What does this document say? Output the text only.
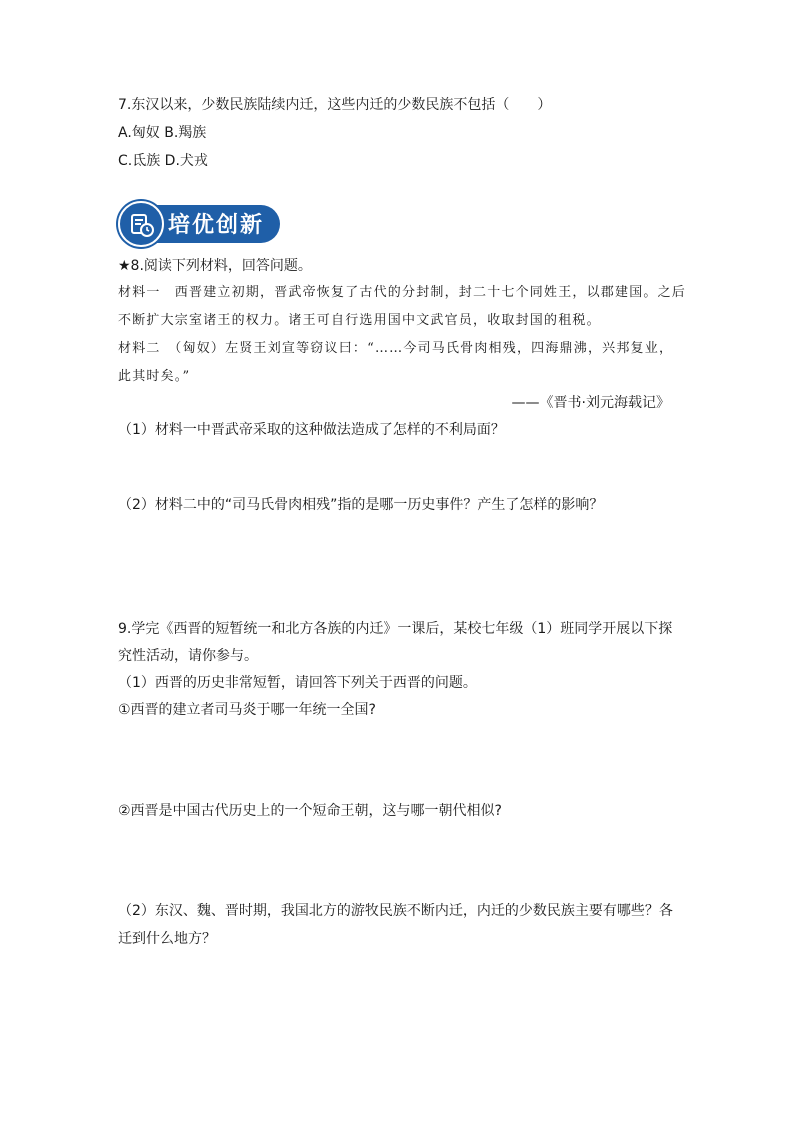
7.东汉以来，少数民族陆续内迁，这些内迁的少数民族不包括（　　）
A.匈奴 B.羯族
C.氐族 D.犬戎
培优创新
★8.阅读下列材料，回答问题。
材料一　西晋建立初期，晋武帝恢复了古代的分封制，封二十七个同姓王，以郡建国。之后
不断扩大宗室诸王的权力。诸王可自行选用国中文武官员，收取封国的租税。
材料二　（匈奴）左贤王刘宣等窃议曰：“……今司马氏骨肉相残，四海鼎沸，兴邦复业，
此其时矣。”
——《晋书·刘元海载记》
（1）材料一中晋武帝采取的这种做法造成了怎样的不利局面？
（2）材料二中的“司马氏骨肉相残”指的是哪一历史事件？产生了怎样的影响？
9.学完《西晋的短暂统一和北方各族的内迁》一课后，某校七年级（1）班同学开展以下探
究性活动，请你参与。
（1）西晋的历史非常短暂，请回答下列关于西晋的问题。
①西晋的建立者司马炎于哪一年统一全国?
②西晋是中国古代历史上的一个短命王朝，这与哪一朝代相似?
（2）东汉、魏、晋时期，我国北方的游牧民族不断内迁，内迁的少数民族主要有哪些？各
迁到什么地方？
